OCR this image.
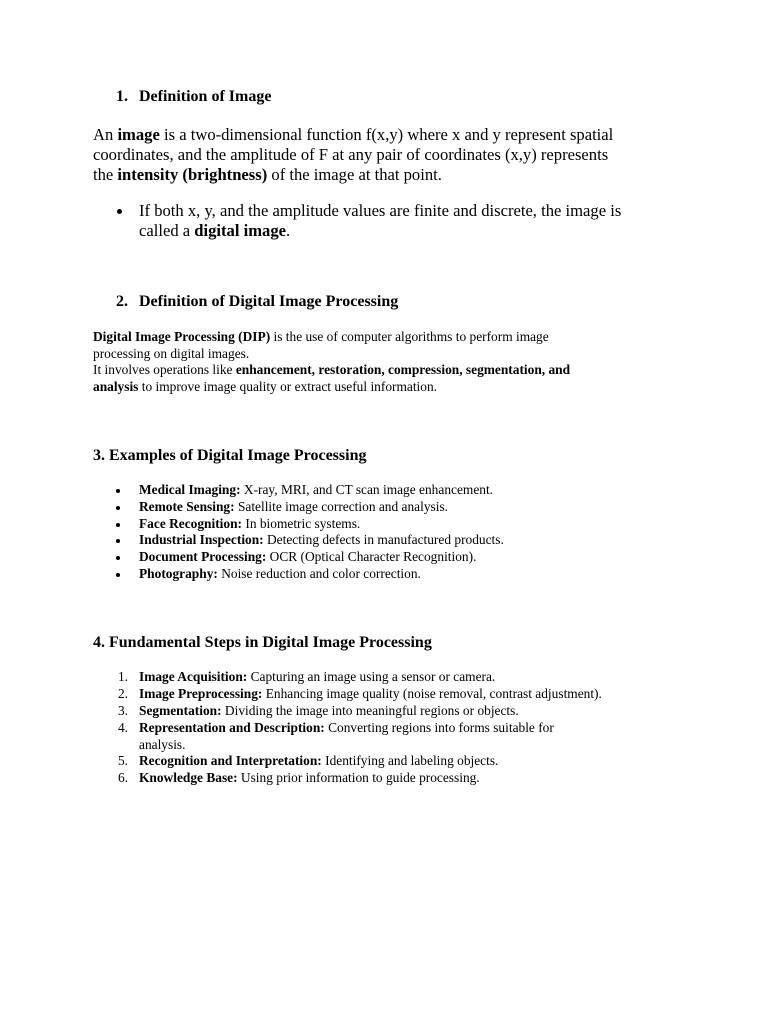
1. Definition of Image
An image is a two-dimensional function f(x,y) where x and y represent spatial
coordinates, and the amplitude of F at any pair of coordinates (x,y) represents
the intensity (brightness) of the image at that point.
If both x, y, and the amplitude values are finite and discrete, the image is
called a digital image.
2. Definition of Digital Image Processing
Digital Image Processing (DIP) is the use of computer algorithms to perform image
processing on digital images.
It involves operations like enhancement, restoration, compression, segmentation, and
analysis to improve image quality or extract useful information.
3. Examples of Digital Image Processing
Medical Imaging: X-ray, MRI, and CT scan image enhancement.
Remote Sensing: Satellite image correction and analysis.
Face Recognition: In biometric systems.
Industrial Inspection: Detecting defects in manufactured products.
Document Processing: OCR (Optical Character Recognition).
Photography: Noise reduction and color correction.
4. Fundamental Steps in Digital Image Processing
1. Image Acquisition: Capturing an image using a sensor or camera.
2. Image Preprocessing: Enhancing image quality (noise removal, contrast adjustment).
3. Segmentation: Dividing the image into meaningful regions or objects.
4. Representation and Description: Converting regions into forms suitable for
analysis.
5. Recognition and Interpretation: Identifying and labeling objects.
6. Knowledge Base: Using prior information to guide processing.
